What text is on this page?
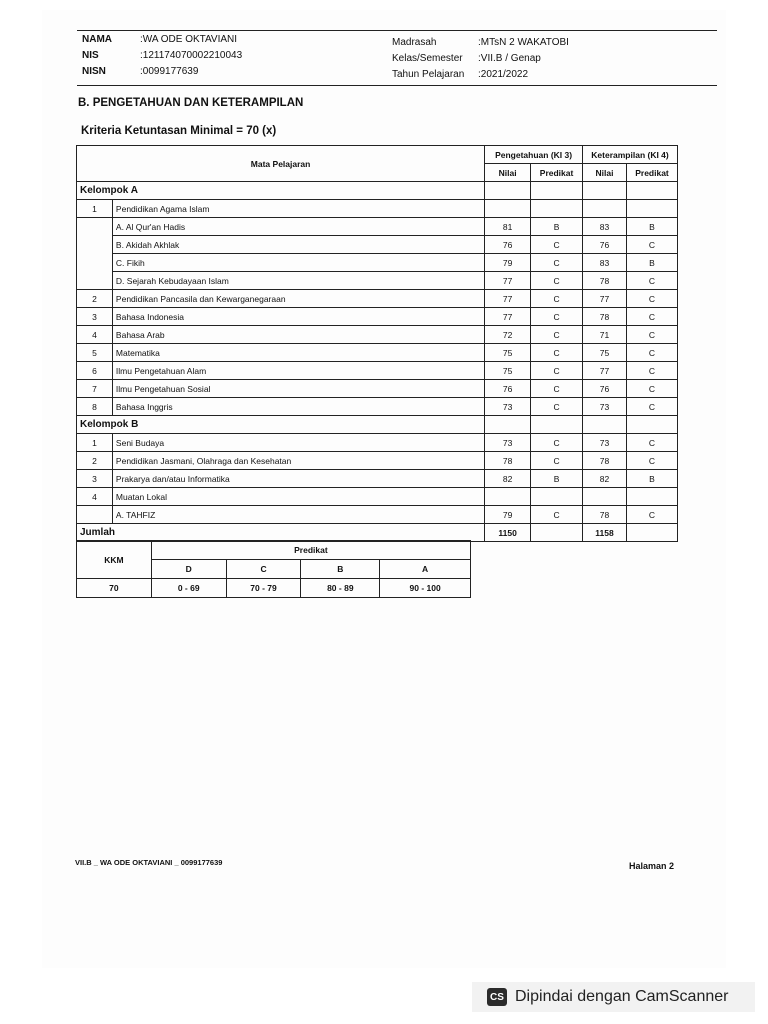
NAMA	:WA ODE OKTAVIANI
NIS	:121174070002210043
NISN	:0099177639
Madrasah	:MTsN 2 WAKATOBI
Kelas/Semester :VII.B / Genap
Tahun Pelajaran :2021/2022
B. PENGETAHUAN DAN KETERAMPILAN
Kriteria Ketuntasan Minimal = 70 (x)
Mata Pelajaran		Pengetahuan (KI 3)		Keterampilan (KI 4)	
		Nilai	Predikat	Nilai	Predikat
Kelompok A					
1	Pendidikan Agama Islam				
	A. Al Qur'an Hadis	81	B	83	B
	B. Akidah Akhlak	76	C	76	C
	C. Fikih	79	C	83	B
	D. Sejarah Kebudayaan Islam	77	C	78	C
2	Pendidikan Pancasila dan Kewarganegaraan	77	C	77	C
3	Bahasa Indonesia	77	C	78	C
4	Bahasa Arab	72	C	71	C
5	Matematika	75	C	75	C
6	Ilmu Pengetahuan Alam	75	C	77	C
7	Ilmu Pengetahuan Sosial	76	C	76	C
8	Bahasa Inggris	73	C	73	C
Kelompok B					
1	Seni Budaya	73	C	73	C
2	Pendidikan Jasmani, Olahraga dan Kesehatan	78	C	78	C
3	Prakarya dan/atau Informatika	82	B	82	B
4	Muatan Lokal				
	A. TAHFIZ	79	C	78	C
Jumlah		1150		1158	
KKM	Predikat			
	D	C	B	A
70	0 - 69	70 - 79	80 - 89	90 - 100
VII.B _ WA ODE OKTAVIANI _ 0099177639	Halaman 2
CS Dipindai dengan CamScanner
